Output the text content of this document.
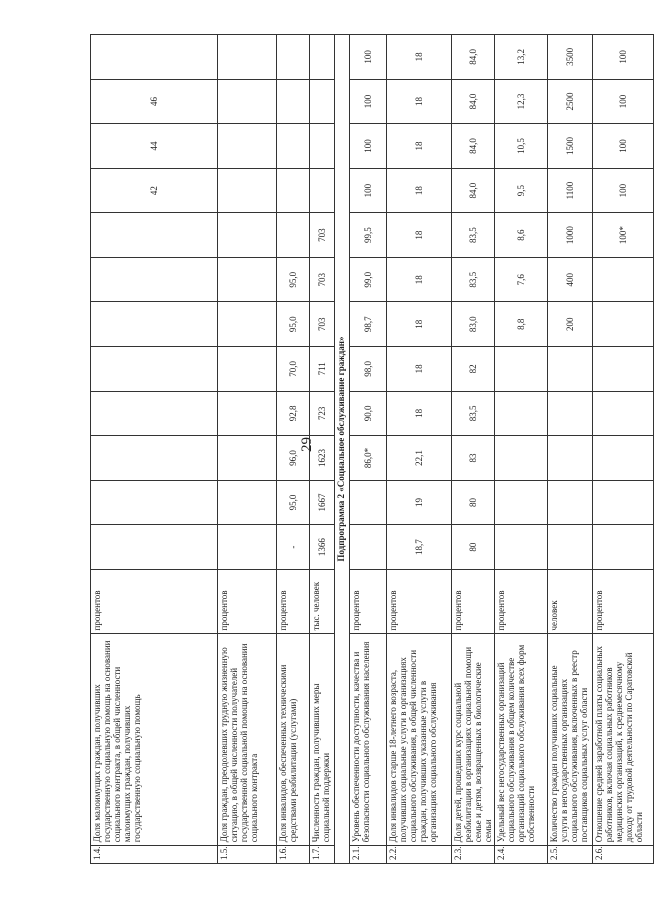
29
1.4.	Доля малоимущих граждан, получивших государственную социальную помощь на основании социального контракта, в общей численности малоимущих граждан, получивших государственную социальную помощь	процентов									42	44	46	
1.5.	Доля граждан, преодолевших трудную жизненную ситуацию, в общей численности получателей государственной социальной помощи на основании социального контракта	процентов												
1.6.	Доля инвалидов, обеспеченных техническими средствами реабилитации (услугами)	процентов	-	95,0	96,0	92,8	70,0	95,0	95,0					
1.7.	Численность граждан, получивших меры социальной поддержки	тыс. человек	1366	1667	1623	723	711	703	703	703				
Подпрограмма 2 «Социальное обслуживание граждан»														
2.1.	Уровень обеспеченности доступности, качества и безопасности социального обслуживания населения	процентов			86,0*	90,0	98,0	98,7	99,0	99,5	100	100	100	100
2.2.	Доля инвалидов старше 18-летнего возраста, получивших социальные услуги в организациях социального обслуживания, в общей численности граждан, получивших указанные услуги в организациях социального обслуживания	процентов	18,7	19	22,1	18	18	18	18	18	18	18	18	18
2.3.	Доля детей, прошедших курс социальной реабилитации в организациях социальной помощи семье и детям, возвращенных в биологические семьи	процентов	80	80	83	83,5	82	83,0	83,5	83,5	84,0	84,0	84,0	84,0
2.4.	Удельный вес негосударственных организаций социального обслуживания в общем количестве организаций социального обслуживания всех форм собственности	процентов						8,8	7,6	8,6	9,5	10,5	12,3	13,2
2.5.	Количество граждан получивших социальные услуги в негосударственных организациях социального обслуживания, включенных в реестр поставщиков социальных услуг области	человек						200	400	1000	1100	1500	2500	3500
2.6.	Отношение средней заработной платы социальных работников, включая социальных работников медицинских организаций, к среднемесячному доходу от трудовой деятельности по Саратовской области	процентов								100*	100	100	100	100
